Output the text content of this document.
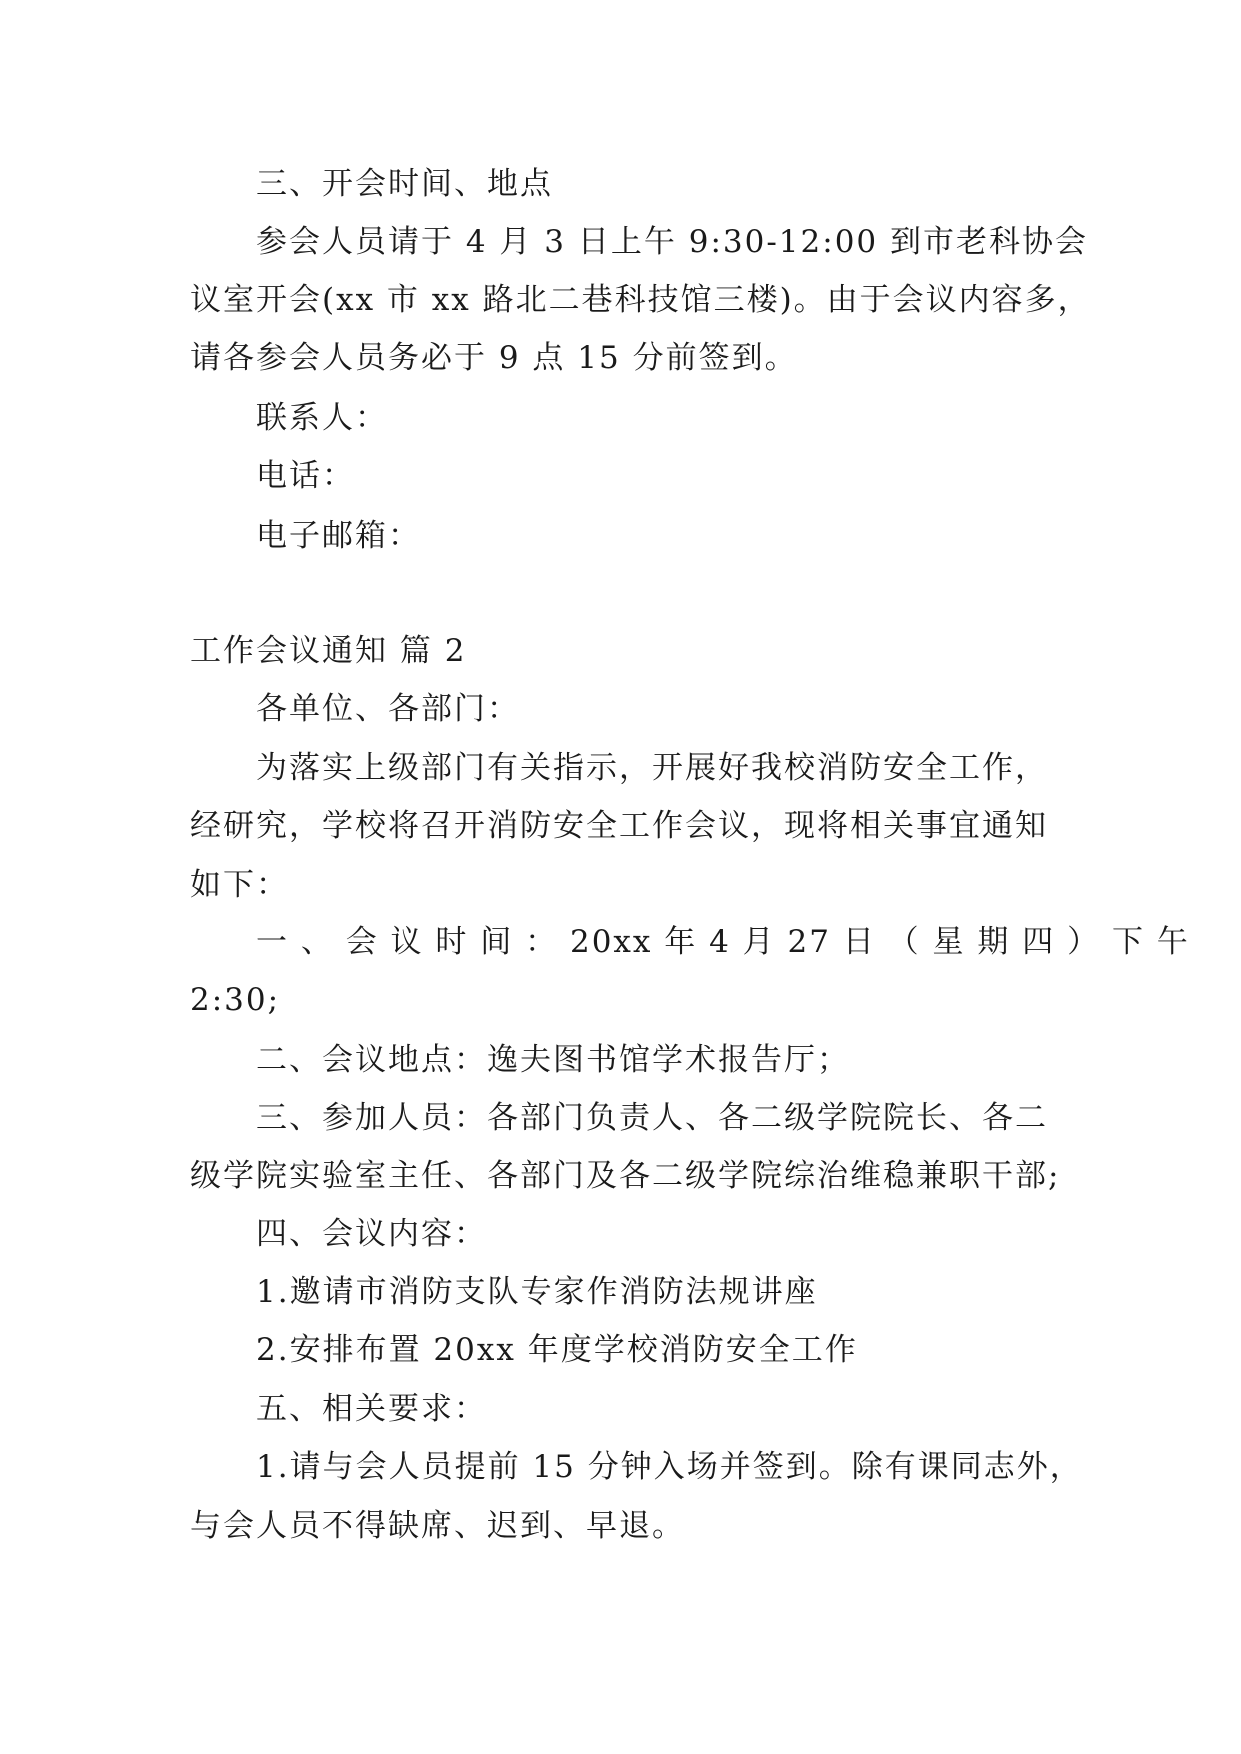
三、开会时间、地点
参会人员请于 4 月 3 日上午 9:30-12:00 到市老科协会
议室开会(xx 市 xx 路北二巷科技馆三楼)。由于会议内容多，
请各参会人员务必于 9 点 15 分前签到。
联系人：
电话：
电子邮箱：
工作会议通知 篇 2
各单位、各部门：
为落实上级部门有关指示，开展好我校消防安全工作，
经研究，学校将召开消防安全工作会议，现将相关事宜通知
如下：
一 、 会 议 时 间 ： 20xx 年 4 月 27 日 （ 星 期 四 ） 下 午
2:30;
二、会议地点：逸夫图书馆学术报告厅；
三、参加人员：各部门负责人、各二级学院院长、各二
级学院实验室主任、各部门及各二级学院综治维稳兼职干部;
四、会议内容：
1.邀请市消防支队专家作消防法规讲座
2.安排布置 20xx 年度学校消防安全工作
五、相关要求：
1.请与会人员提前 15 分钟入场并签到。除有课同志外，
与会人员不得缺席、迟到、早退。
